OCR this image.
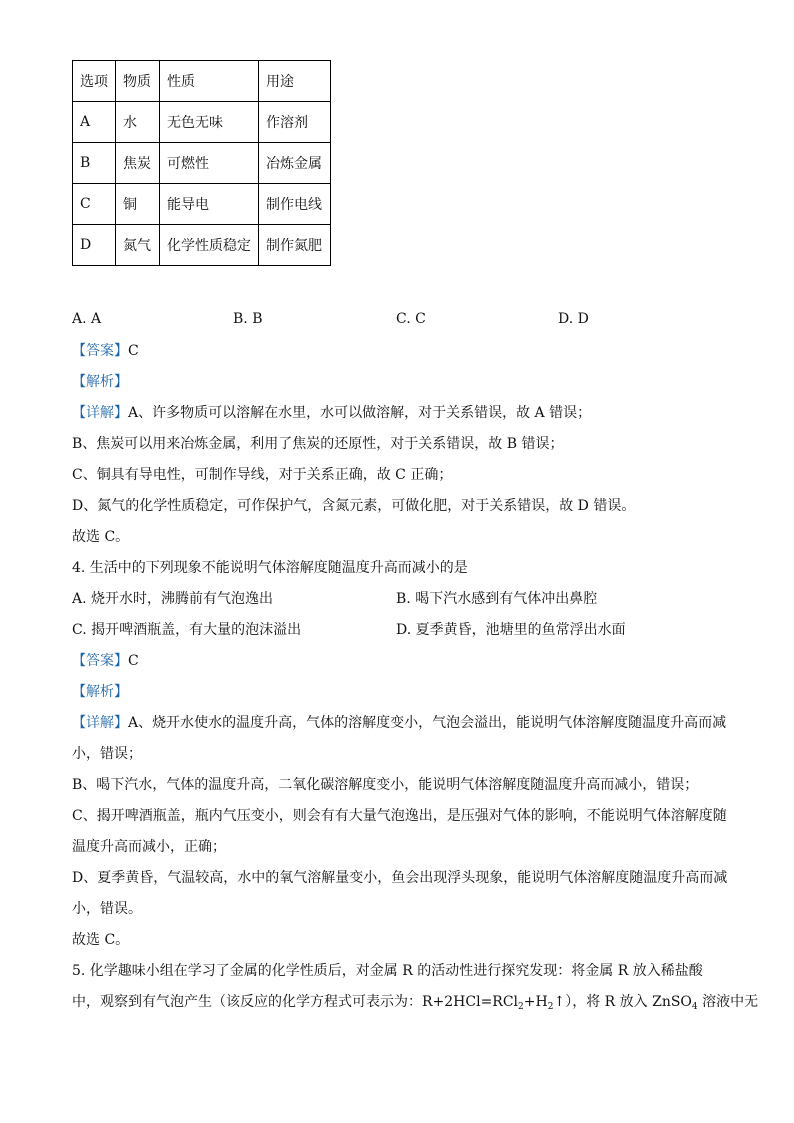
选项	物质	性质	用途
A	水	无色无味	作溶剂
B	焦炭	可燃性	冶炼金属
C	铜	能导电	制作电线
D	氮气	化学性质稳定	制作氮肥
A. A	B. B	C. C	D. D
【答案】C
【解析】
【详解】A、许多物质可以溶解在水里，水可以做溶解，对于关系错误，故 A 错误；
B、焦炭可以用来冶炼金属，利用了焦炭的还原性，对于关系错误，故 B 错误；
C、铜具有导电性，可制作导线，对于关系正确，故 C 正确；
D、氮气的化学性质稳定，可作保护气，含氮元素，可做化肥，对于关系错误，故 D 错误。
故选 C。
4. 生活中的下列现象不能说明气体溶解度随温度升高而减小的是
A. 烧开水时，沸腾前有气泡逸出	B. 喝下汽水感到有气体冲出鼻腔
C. 揭开啤酒瓶盖，有大量的泡沫溢出	D. 夏季黄昏，池塘里的鱼常浮出水面
【答案】C
【解析】
【详解】A、烧开水使水的温度升高，气体的溶解度变小，气泡会溢出，能说明气体溶解度随温度升高而减
小，错误；
B、喝下汽水，气体的温度升高，二氧化碳溶解度变小，能说明气体溶解度随温度升高而减小，错误；
C、揭开啤酒瓶盖，瓶内气压变小，则会有有大量气泡逸出，是压强对气体的影响，不能说明气体溶解度随
温度升高而减小，正确；
D、夏季黄昏，气温较高，水中的氧气溶解量变小，鱼会出现浮头现象，能说明气体溶解度随温度升高而减
小，错误。
故选 C。
5. 化学趣味小组在学习了金属的化学性质后，对金属 R 的活动性进行探究发现：将金属 R 放入稀盐酸
中，观察到有气泡产生（该反应的化学方程式可表示为：$R+2HCl=RCl_2+H_2↑$），将 R 放入 ZnSO$_4$ 溶液中无
